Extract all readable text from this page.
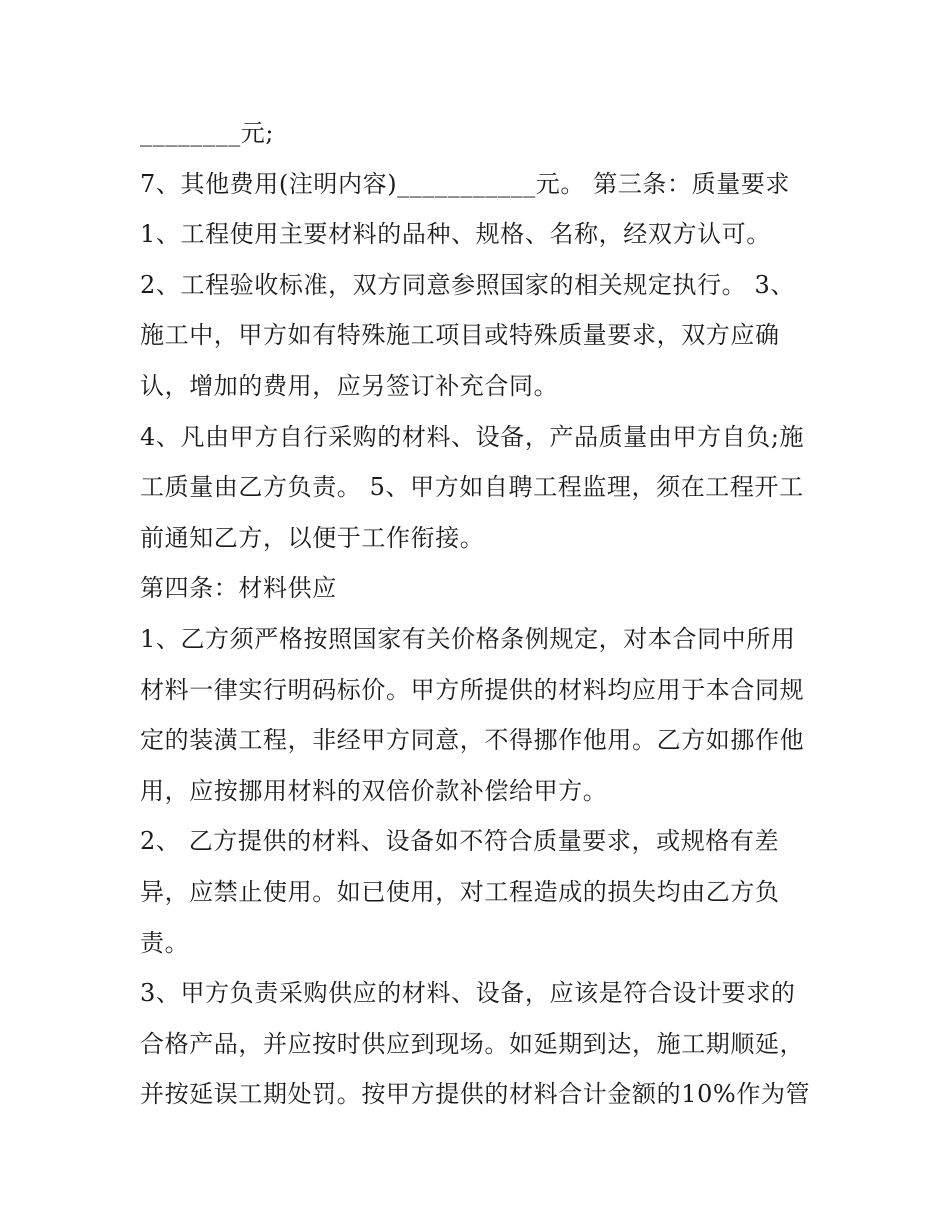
________元;
7、其他费用(注明内容)___________元。 第三条：质量要求
1、工程使用主要材料的品种、规格、名称，经双方认可。
2、工程验收标准，双方同意参照国家的相关规定执行。 3、
施工中，甲方如有特殊施工项目或特殊质量要求，双方应确
认，增加的费用，应另签订补充合同。
4、凡由甲方自行采购的材料、设备，产品质量由甲方自负;施
工质量由乙方负责。 5、甲方如自聘工程监理，须在工程开工
前通知乙方，以便于工作衔接。
第四条：材料供应
1、乙方须严格按照国家有关价格条例规定，对本合同中所用
材料一律实行明码标价。甲方所提供的材料均应用于本合同规
定的装潢工程，非经甲方同意，不得挪作他用。乙方如挪作他
用，应按挪用材料的双倍价款补偿给甲方。
2、 乙方提供的材料、设备如不符合质量要求，或规格有差
异，应禁止使用。如已使用，对工程造成的损失均由乙方负
责。
3、甲方负责采购供应的材料、设备，应该是符合设计要求的
合格产品，并应按时供应到现场。如延期到达，施工期顺延，
并按延误工期处罚。按甲方提供的材料合计金额的10%作为管
